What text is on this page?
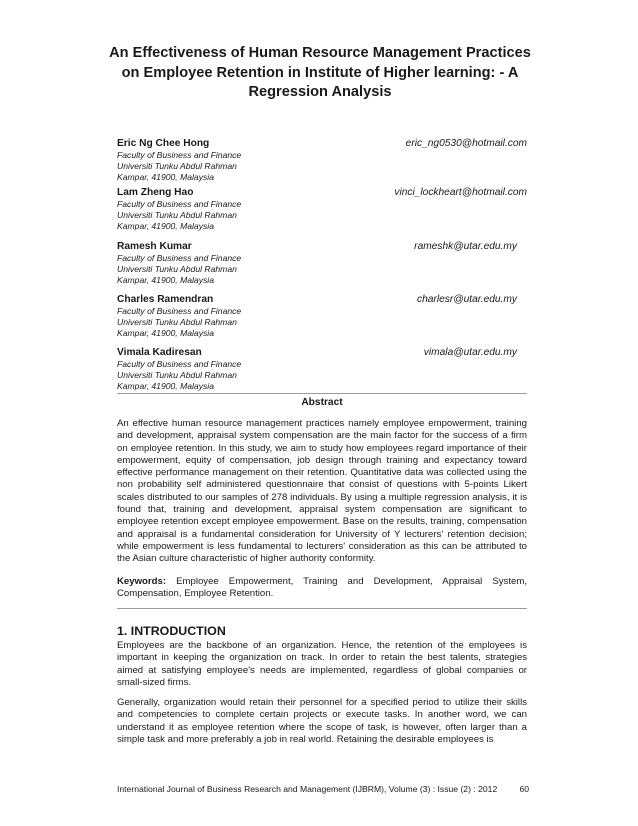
An Effectiveness of Human Resource Management Practices on Employee Retention in Institute of Higher learning: - A Regression Analysis
Eric Ng Chee Hong	eric_ng0530@hotmail.com
Faculty of Business and Finance
Universiti Tunku Abdul Rahman
Kampar, 41900, Malaysia
Lam Zheng Hao	vinci_lockheart@hotmail.com
Faculty of Business and Finance
Universiti Tunku Abdul Rahman
Kampar, 41900, Malaysia
Ramesh Kumar	rameshk@utar.edu.my
Faculty of Business and Finance
Universiti Tunku Abdul Rahman
Kampar, 41900, Malaysia
Charles Ramendran	charlesr@utar.edu.my
Faculty of Business and Finance
Universiti Tunku Abdul Rahman
Kampar, 41900, Malaysia
Vimala Kadiresan	vimala@utar.edu.my
Faculty of Business and Finance
Universiti Tunku Abdul Rahman
Kampar, 41900, Malaysia
Abstract

An effective human resource management practices namely employee empowerment, training and development, appraisal system compensation are the main factor for the success of a firm on employee retention. In this study, we aim to study how employees regard importance of their empowerment, equity of compensation, job design through training and expectancy toward effective performance management on their retention. Quantitative data was collected using the non probability self administered questionnaire that consist of questions with 5-points Likert scales distributed to our samples of 278 individuals. By using a multiple regression analysis, it is found that, training and development, appraisal system compensation are significant to employee retention except employee empowerment. Base on the results, training, compensation and appraisal is a fundamental consideration for University of Y lecturers' retention decision; while empowerment is less fundamental to lecturers' consideration as this can be attributed to the Asian culture characteristic of higher authority conformity.

Keywords: Employee Empowerment, Training and Development, Appraisal System, Compensation, Employee Retention.

1. INTRODUCTION

Employees are the backbone of an organization. Hence, the retention of the employees is important in keeping the organization on track. In order to retain the best talents, strategies aimed at satisfying employee's needs are implemented, regardless of global companies or small-sized firms.

Generally, organization would retain their personnel for a specified period to utilize their skills and competencies to complete certain projects or execute tasks. In another word, we can understand it as employee retention where the scope of task, is however, often larger than a simple task and more preferably a job in real world. Retaining the desirable employees is

International Journal of Business Research and Management (IJBRM), Volume (3) : Issue (2) : 2012	60
